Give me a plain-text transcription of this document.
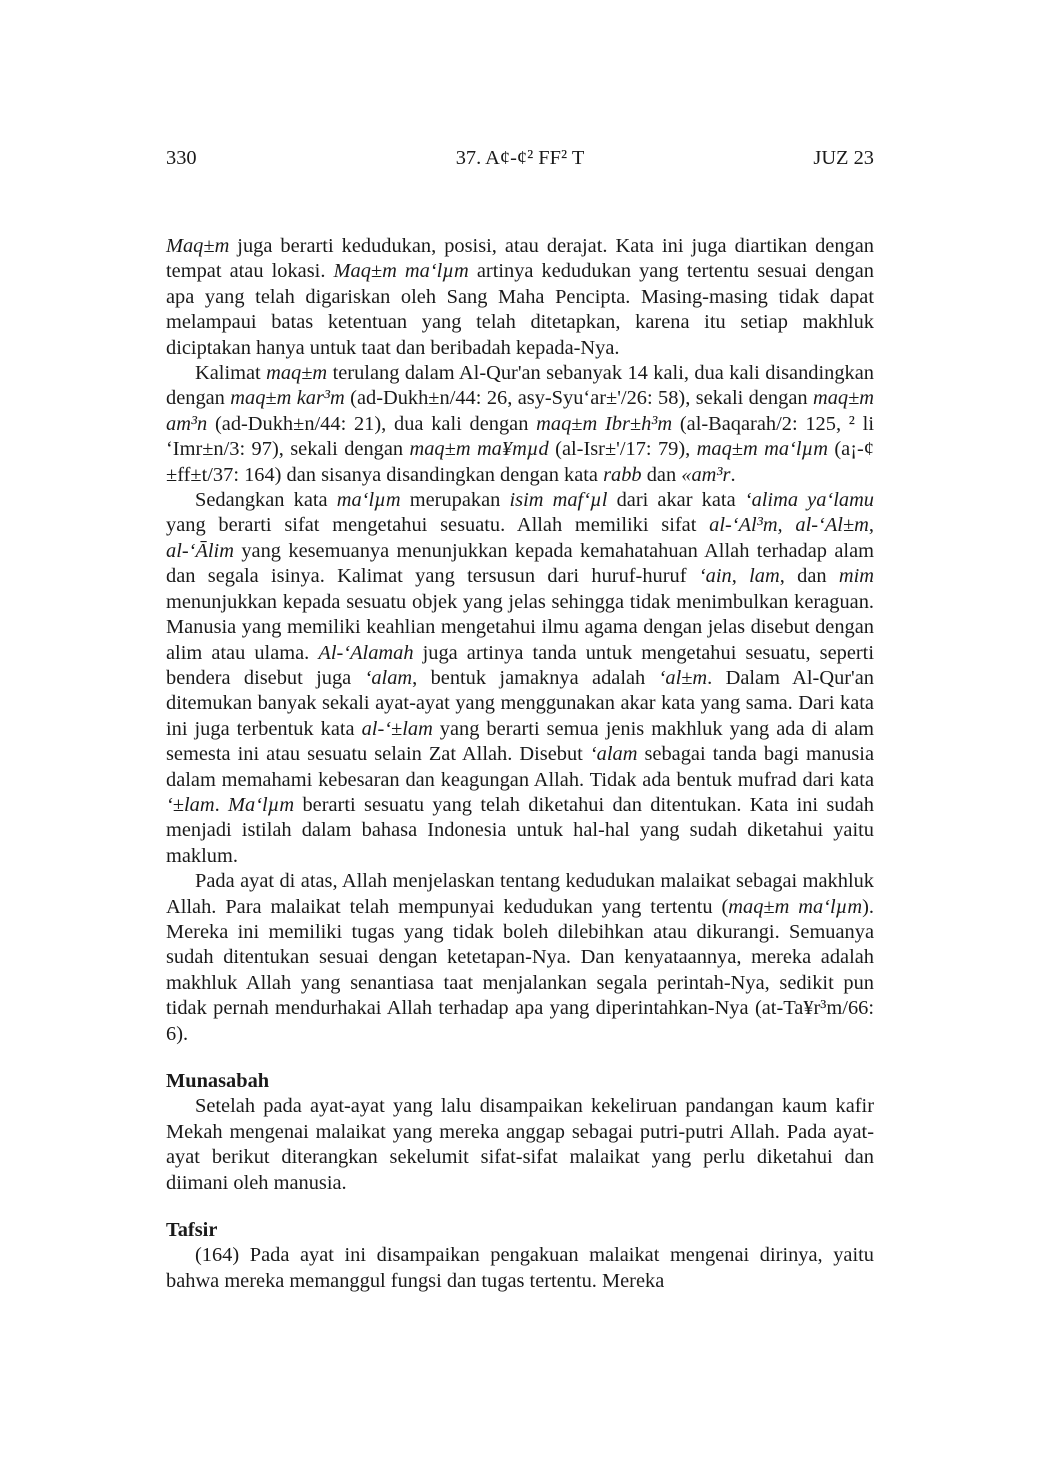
330	37. A¢-¢² FF² T	JUZ 23

Maq±m juga berarti kedudukan, posisi, atau derajat. Kata ini juga diartikan dengan tempat atau lokasi. Maq±m ma‘lµm artinya kedudukan yang tertentu sesuai dengan apa yang telah digariskan oleh Sang Maha Pencipta. Masing-masing tidak dapat melampaui batas ketentuan yang telah ditetapkan, karena itu setiap makhluk diciptakan hanya untuk taat dan beribadah kepada-Nya.

Kalimat maq±m terulang dalam Al-Qur'an sebanyak 14 kali, dua kali disandingkan dengan maq±m kar³m (ad-Dukh±n/44: 26, asy-Syu‘ar±'/26: 58), sekali dengan maq±m am³n (ad-Dukh±n/44: 21), dua kali dengan maq±m Ibr±h³m (al-Baqarah/2: 125, ² li ‘Imr±n/3: 97), sekali dengan maq±m ma¥mµd (al-Isr±'/17: 79), maq±m ma‘lµm (a¡-¢±ff±t/37: 164) dan sisanya disandingkan dengan kata rabb dan «am³r.

Sedangkan kata ma‘lµm merupakan isim maf‘µl dari akar kata ‘alima ya‘lamu yang berarti sifat mengetahui sesuatu. Allah memiliki sifat al-‘Al³m, al-‘Al±m, al-‘Ālim yang kesemuanya menunjukkan kepada kemahatahuan Allah terhadap alam dan segala isinya. Kalimat yang tersusun dari huruf-huruf ‘ain, lam, dan mim menunjukkan kepada sesuatu objek yang jelas sehingga tidak menimbulkan keraguan. Manusia yang memiliki keahlian mengetahui ilmu agama dengan jelas disebut dengan alim atau ulama. Al-‘Alamah juga artinya tanda untuk mengetahui sesuatu, seperti bendera disebut juga ‘alam, bentuk jamaknya adalah ‘al±m. Dalam Al-Qur'an ditemukan banyak sekali ayat-ayat yang menggunakan akar kata yang sama. Dari kata ini juga terbentuk kata al-‘±lam yang berarti semua jenis makhluk yang ada di alam semesta ini atau sesuatu selain Zat Allah. Disebut ‘alam sebagai tanda bagi manusia dalam memahami kebesaran dan keagungan Allah. Tidak ada bentuk mufrad dari kata ‘±lam. Ma‘lµm berarti sesuatu yang telah diketahui dan ditentukan. Kata ini sudah menjadi istilah dalam bahasa Indonesia untuk hal-hal yang sudah diketahui yaitu maklum.

Pada ayat di atas, Allah menjelaskan tentang kedudukan malaikat sebagai makhluk Allah. Para malaikat telah mempunyai kedudukan yang tertentu (maq±m ma‘lµm). Mereka ini memiliki tugas yang tidak boleh dilebihkan atau dikurangi. Semuanya sudah ditentukan sesuai dengan ketetapan-Nya. Dan kenyataannya, mereka adalah makhluk Allah yang senantiasa taat menjalankan segala perintah-Nya, sedikit pun tidak pernah mendurhakai Allah terhadap apa yang diperintahkan-Nya (at-Ta¥r³m/66: 6).

Munasabah

Setelah pada ayat-ayat yang lalu disampaikan kekeliruan pandangan kaum kafir Mekah mengenai malaikat yang mereka anggap sebagai putri-putri Allah. Pada ayat-ayat berikut diterangkan sekelumit sifat-sifat malaikat yang perlu diketahui dan diimani oleh manusia.

Tafsir

(164) Pada ayat ini disampaikan pengakuan malaikat mengenai dirinya, yaitu bahwa mereka memanggul fungsi dan tugas tertentu. Mereka
